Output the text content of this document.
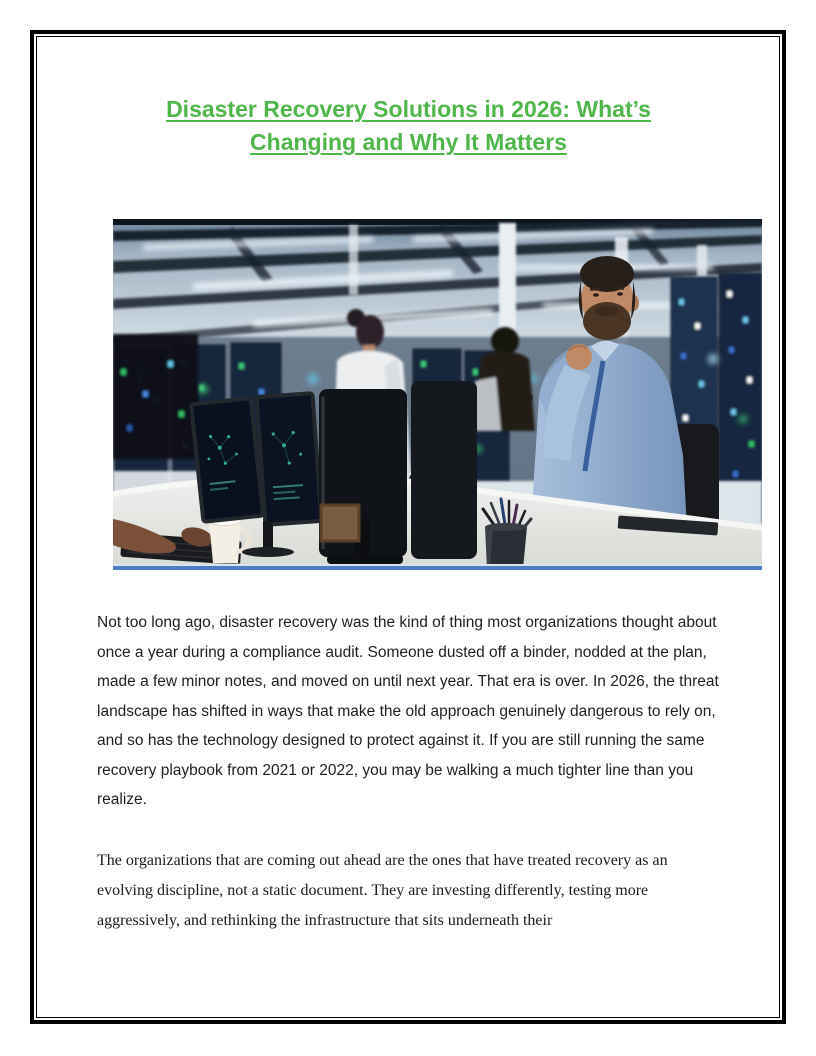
Disaster Recovery Solutions in 2026: What’s
Changing and Why It Matters

Not too long ago, disaster recovery was the kind of thing most organizations thought about once a year during a compliance audit. Someone dusted off a binder, nodded at the plan, made a few minor notes, and moved on until next year. That era is over. In 2026, the threat landscape has shifted in ways that make the old approach genuinely dangerous to rely on, and so has the technology designed to protect against it. If you are still running the same recovery playbook from 2021 or 2022, you may be walking a much tighter line than you realize.

The organizations that are coming out ahead are the ones that have treated recovery as an evolving discipline, not a static document. They are investing differently, testing more aggressively, and rethinking the infrastructure that sits underneath their
